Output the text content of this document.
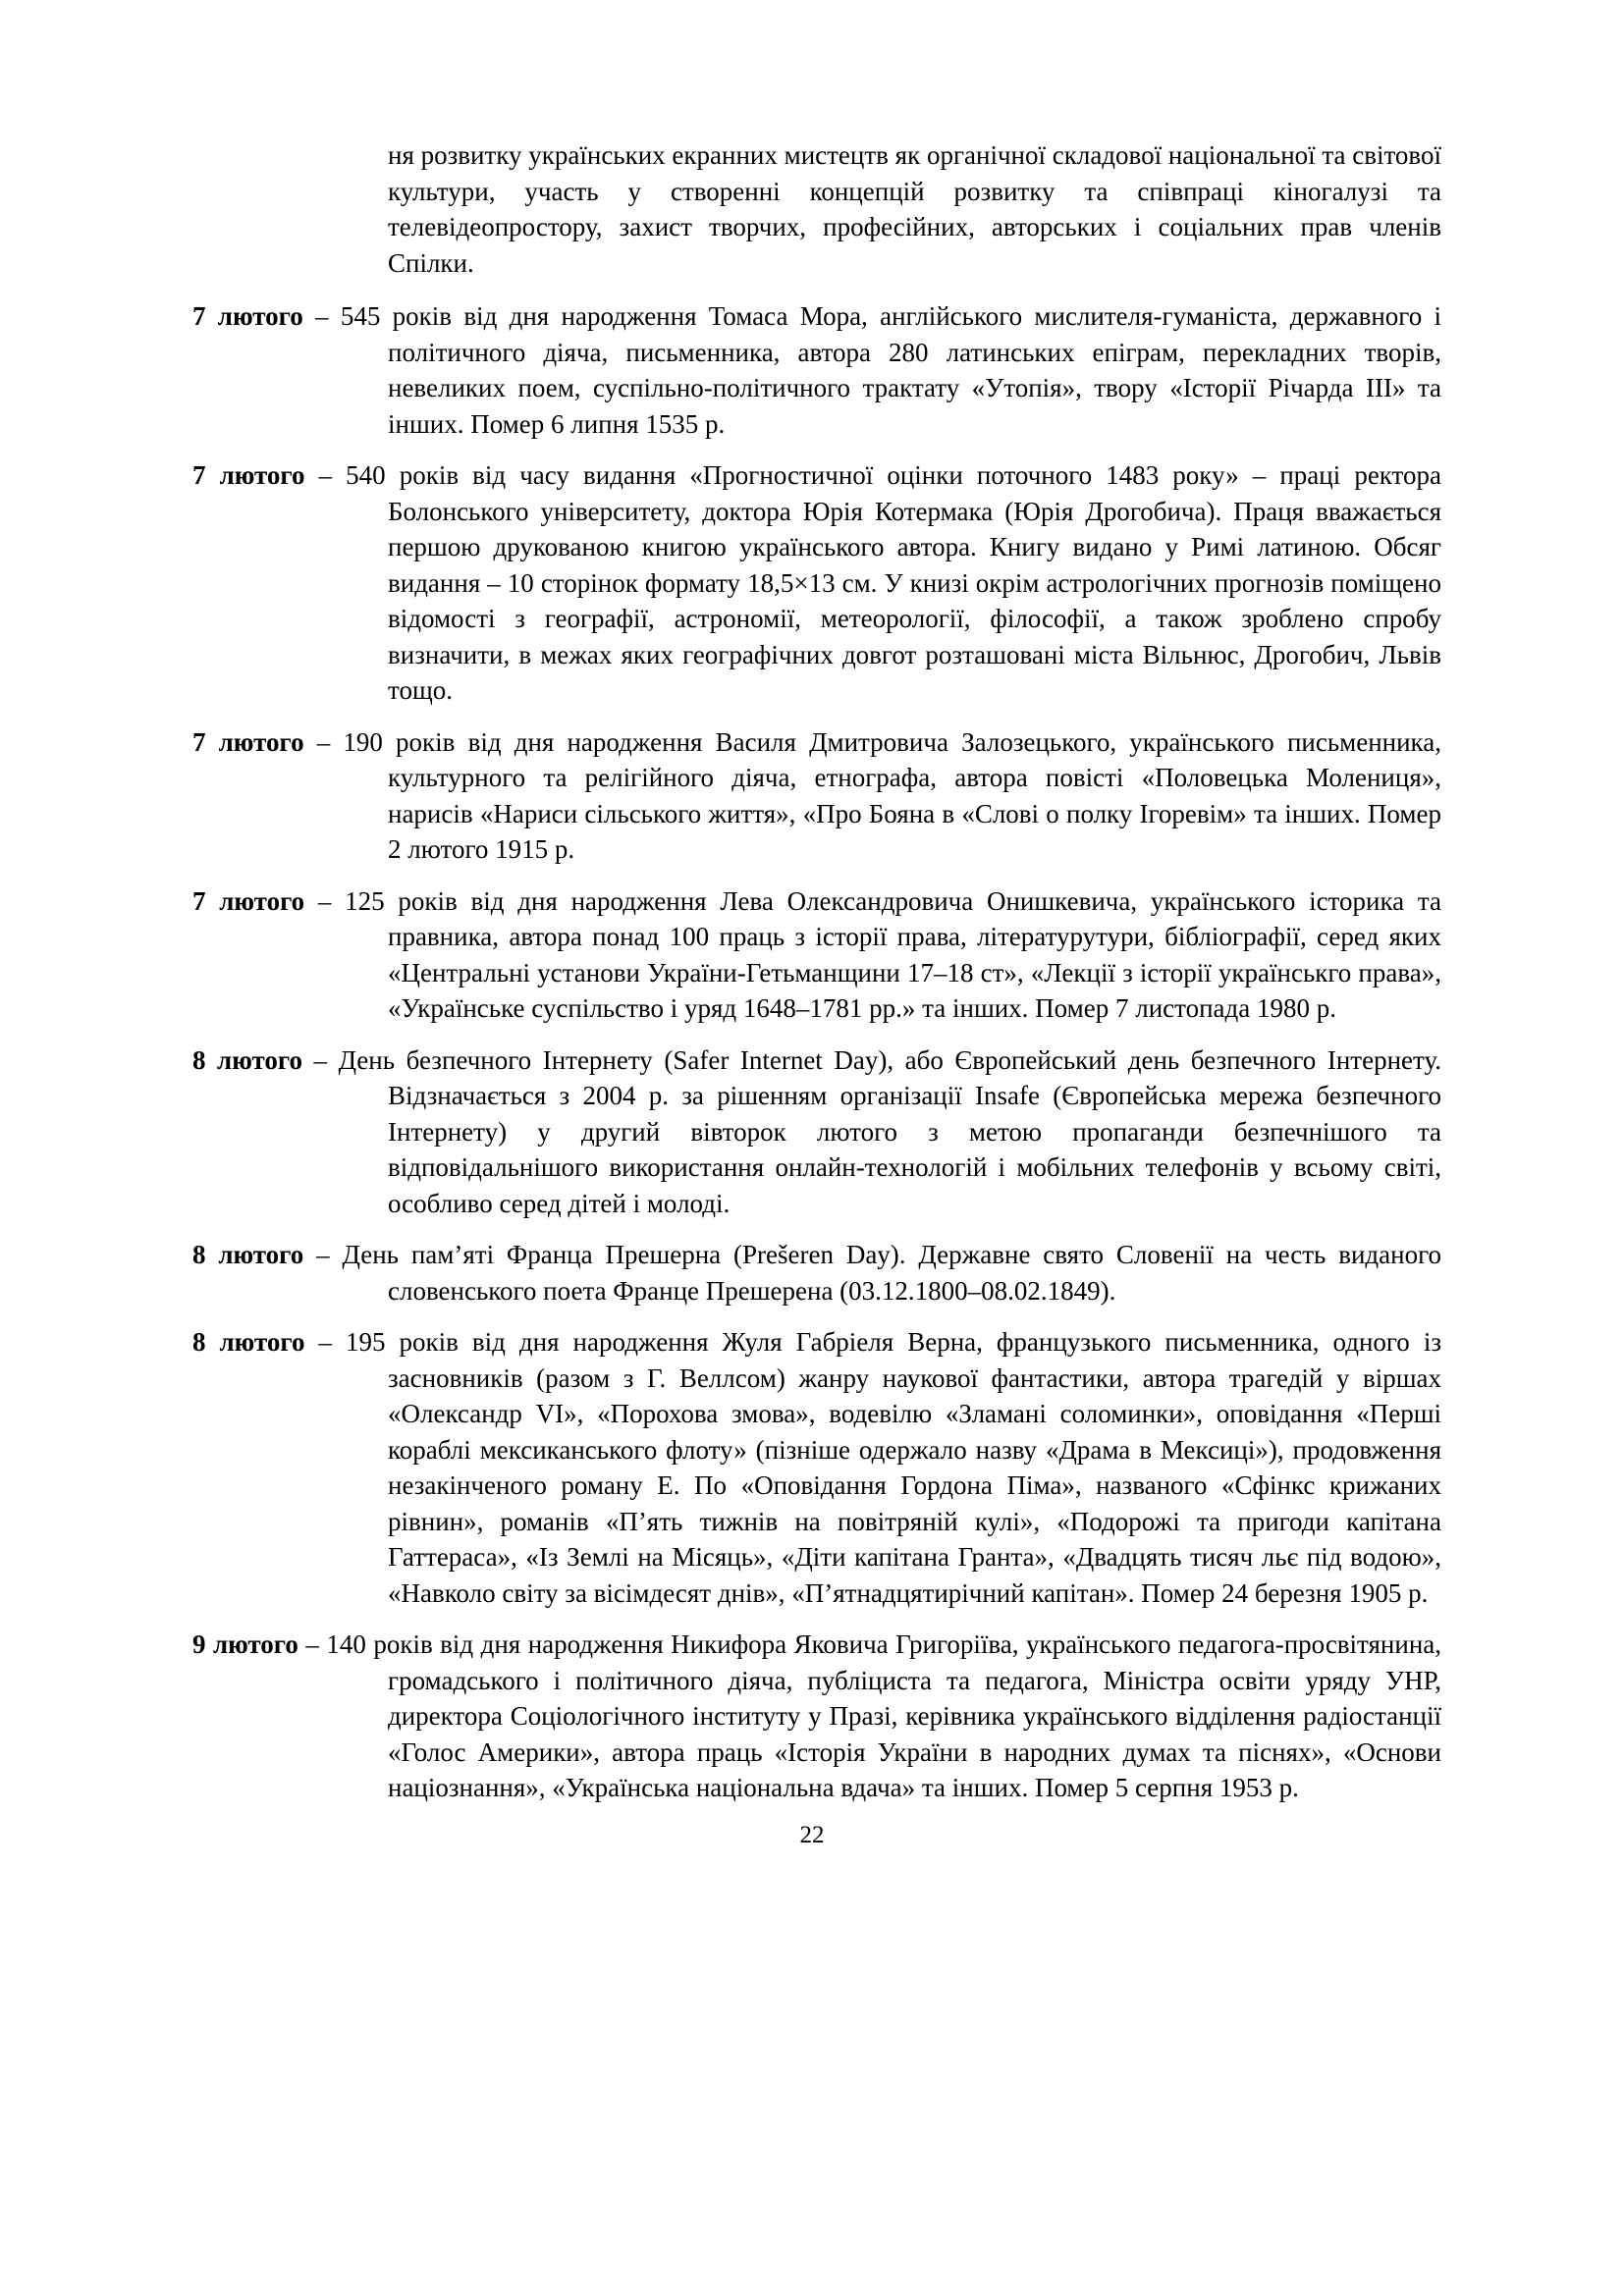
ня розвитку українських екранних мистецтв як органічної складової національної та світової культури, участь у створенні концепцій розвитку та співпраці кіногалузі та телевідеопростору, захист творчих, професійних, авторських і соціальних прав членів Спілки.

7 лютого – 545 років від дня народження Томаса Мора, англійського мислителя-гуманіста, державного і політичного діяча, письменника, автора 280 латинських епіграм, перекладних творів, невеликих поем, суспільно-політичного трактату «Утопія», твору «Історії Річарда III» та інших. Помер 6 липня 1535 р.

7 лютого – 540 років від часу видання «Прогностичної оцінки поточного 1483 року» – праці ректора Болонського університету, доктора Юрія Котермака (Юрія Дрогобича). Праця вважається першою друкованою книгою українського автора. Книгу видано у Римі латиною. Обсяг видання – 10 сторінок формату 18,5×13 см. У книзі окрім астрологічних прогнозів поміщено відомості з географії, астрономії, метеорології, філософії, а також зроблено спробу визначити, в межах яких географічних довгот розташовані міста Вільнюс, Дрогобич, Львів тощо.

7 лютого – 190 років від дня народження Василя Дмитровича Залозецького, українського письменника, культурного та релігійного діяча, етнографа, автора повісті «Половецька Молениця», нарисів «Нариси сільського життя», «Про Бояна в «Слові о полку Ігоревім» та інших. Помер 2 лютого 1915 р.

7 лютого – 125 років від дня народження Лева Олександровича Онишкевича, українського історика та правника, автора понад 100 праць з історії права, літературутури, бібліографії, серед яких «Центральні установи України-Гетьманщини 17–18 ст», «Лекції з історії українськго права», «Українське суспільство і уряд 1648–1781 рр.» та інших. Помер 7 листопада 1980 р.

8 лютого – День безпечного Інтернету (Safer Internet Day), або Європейський день безпечного Інтернету. Відзначається з 2004 р. за рішенням організації Insafe (Європейська мережа безпечного Інтернету) у другий вівторок лютого з метою пропаганди безпечнішого та відповідальнішого використання онлайн-технологій і мобільних телефонів у всьому світі, особливо серед дітей і молоді.

8 лютого – День пам’яті Франца Прешерна (Prešeren Day). Державне свято Словенії на честь виданого словенського поета Франце Прешерена (03.12.1800–08.02.1849).

8 лютого – 195 років від дня народження Жуля Габріеля Верна, французького письменника, одного із засновників (разом з Г. Веллсом) жанру наукової фантастики, автора трагедій у віршах «Олександр VI», «Порохова змова», водевілю «Зламані соломинки», оповідання «Перші кораблі мексиканського флоту» (пізніше одержало назву «Драма в Мексиці»), продовження незакінченого роману Е. По «Оповідання Гордона Піма», названого «Сфінкс крижаних рівнин», романів «П’ять тижнів на повітряній кулі», «Подорожі та пригоди капітана Гаттераса», «Із Землі на Місяць», «Діти капітана Гранта», «Двадцять тисяч льє під водою», «Навколо світу за вісімдесят днів», «П’ятнадцятирічний капітан». Помер 24 березня 1905 р.

9 лютого – 140 років від дня народження Никифора Яковича Григоріїва, українського педагога-просвітянина, громадського і політичного діяча, публіциста та педагога, Міністра освіти уряду УНР, директора Соціологічного інституту у Празі, керівника українського відділення радіостанції «Голос Америки», автора праць «Історія України в народних думах та піснях», «Основи націознання», «Українська національна вдача» та інших. Помер 5 серпня 1953 р.

22
